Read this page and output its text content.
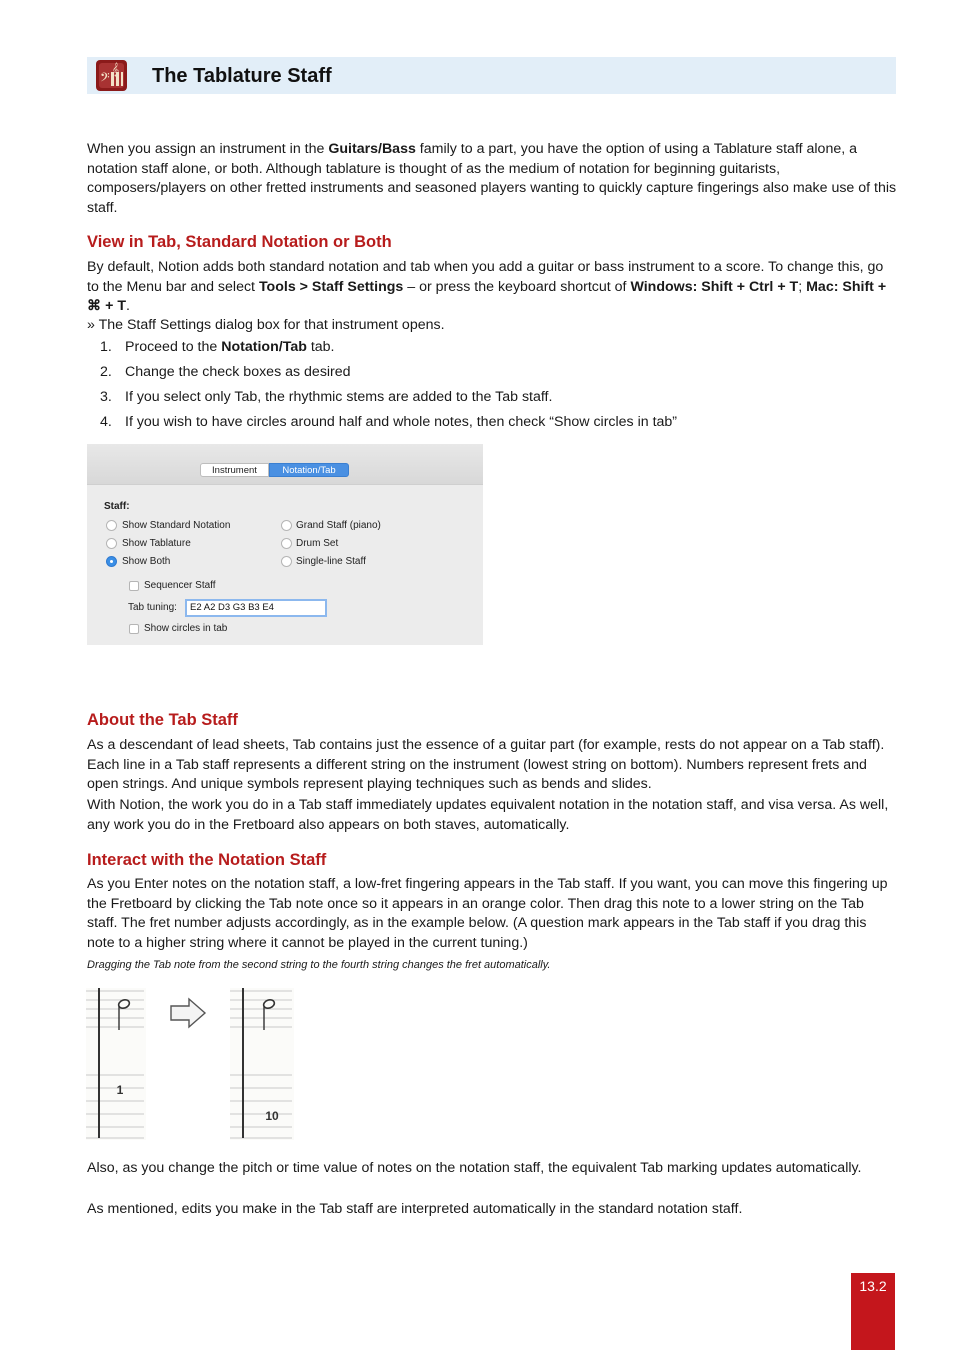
𝄢
𝄞 The Tablature Staff

When you assign an instrument in the Guitars/Bass family to a part, you have the option of using a Tablature staff alone, a notation staff alone, or both. Although tablature is thought of as the medium of notation for beginning guitarists, composers/players on other fretted instruments and seasoned players wanting to quickly capture fingerings also make use of this staff.

View in Tab, Standard Notation or Both

By default, Notion adds both standard notation and tab when you add a guitar or bass instrument to a score. To change this, go to the Menu bar and select Tools > Staff Settings – or press the keyboard shortcut of Windows: Shift + Ctrl + T; Mac: Shift + ⌘ + T.

» The Staff Settings dialog box for that instrument opens.

1. Proceed to the Notation/Tab tab.
2. Change the check boxes as desired
3. If you select only Tab, the rhythmic stems are added to the Tab staff.
4. If you wish to have circles around half and whole notes, then check “Show circles in tab”
Instrument	Notation/Tab
Staff:
Show Standard Notation
Show Tablature
Show Both
Grand Staff (piano)
Drum Set
Single-line Staff
Sequencer Staff
Tab tuning:	E2 A2 D3 G3 B3 E4
Show circles in tab
About the Tab Staff

As a descendant of lead sheets, Tab contains just the essence of a guitar part (for example, rests do not appear on a Tab staff). Each line in a Tab staff represents a different string on the instrument (lowest string on bottom). Numbers represent frets and open strings. And unique symbols represent playing techniques such as bends and slides.

With Notion, the work you do in a Tab staff immediately updates equivalent notation in the notation staff, and visa versa. As well, any work you do in the Fretboard also appears on both staves, automatically.

Interact with the Notation Staff

As you Enter notes on the notation staff, a low-fret fingering appears in the Tab staff. If you want, you can move this fingering up the Fretboard by clicking the Tab note once so it appears in an orange color. Then drag this note to a lower string on the Tab staff. The fret number adjusts accordingly, as in the example below. (A question mark appears in the Tab staff if you drag this note to a higher string where it cannot be played in the current tuning.)

Dragging the Tab note from the second string to the fourth string changes the fret automatically.

1
10

Also, as you change the pitch or time value of notes on the notation staff, the equivalent Tab marking updates automatically.

As mentioned, edits you make in the Tab staff are interpreted automatically in the standard notation staff.

13.2
